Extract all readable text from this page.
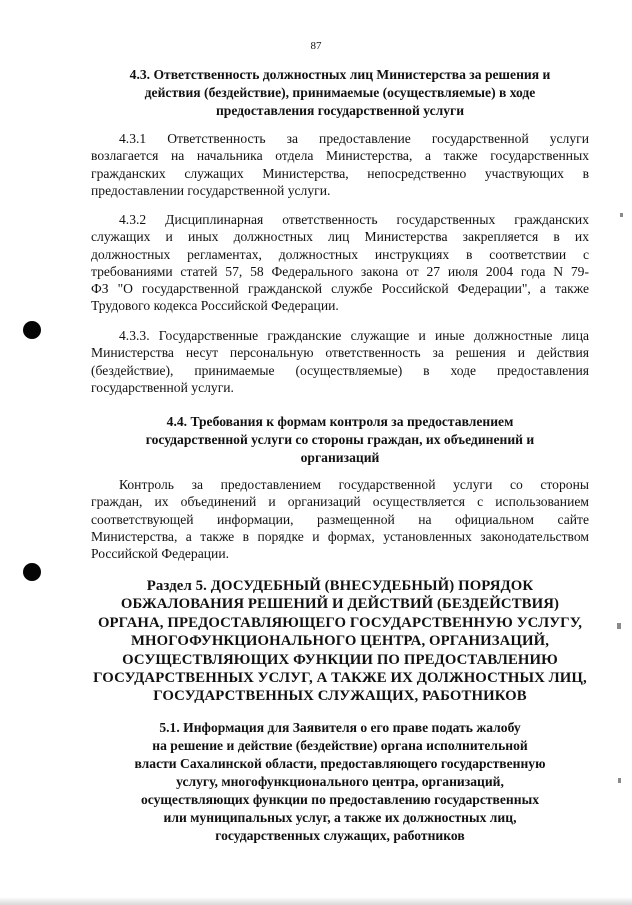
87
4.3. Ответственность должностных лиц Министерства за решения и
действия (бездействие), принимаемые (осуществляемые) в ходе
предоставления государственной услуги
4.3.1 Ответственность за предоставление государственной услуги
возлагается на начальника отдела Министерства, а также государственных
гражданских служащих Министерства, непосредственно участвующих в
предоставлении государственной услуги.
4.3.2 Дисциплинарная ответственность государственных гражданских
служащих и иных должностных лиц Министерства закрепляется в их
должностных регламентах, должностных инструкциях в соответствии с
требованиями статей 57, 58 Федерального закона от 27 июля 2004 года N 79-
ФЗ "О государственной гражданской службе Российской Федерации", а также
Трудового кодекса Российской Федерации.
4.3.3. Государственные гражданские служащие и иные должностные лица
Министерства несут персональную ответственность за решения и действия
(бездействие), принимаемые (осуществляемые) в ходе предоставления
государственной услуги.
4.4. Требования к формам контроля за предоставлением
государственной услуги со стороны граждан, их объединений и
организаций
Контроль за предоставлением государственной услуги со стороны
граждан, их объединений и организаций осуществляется с использованием
соответствующей информации, размещенной на официальном сайте
Министерства, а также в порядке и формах, установленных законодательством
Российской Федерации.
Раздел 5. ДОСУДЕБНЫЙ (ВНЕСУДЕБНЫЙ) ПОРЯДОК
ОБЖАЛОВАНИЯ РЕШЕНИЙ И ДЕЙСТВИЙ (БЕЗДЕЙСТВИЯ)
ОРГАНА, ПРЕДОСТАВЛЯЮЩЕГО ГОСУДАРСТВЕННУЮ УСЛУГУ,
МНОГОФУНКЦИОНАЛЬНОГО ЦЕНТРА, ОРГАНИЗАЦИЙ,
ОСУЩЕСТВЛЯЮЩИХ ФУНКЦИИ ПО ПРЕДОСТАВЛЕНИЮ
ГОСУДАРСТВЕННЫХ УСЛУГ, А ТАКЖЕ ИХ ДОЛЖНОСТНЫХ ЛИЦ,
ГОСУДАРСТВЕННЫХ СЛУЖАЩИХ, РАБОТНИКОВ
5.1. Информация для Заявителя о его праве подать жалобу
на решение и действие (бездействие) органа исполнительной
власти Сахалинской области, предоставляющего государственную
услугу, многофункционального центра, организаций,
осуществляющих функции по предоставлению государственных
или муниципальных услуг, а также их должностных лиц,
государственных служащих, работников
